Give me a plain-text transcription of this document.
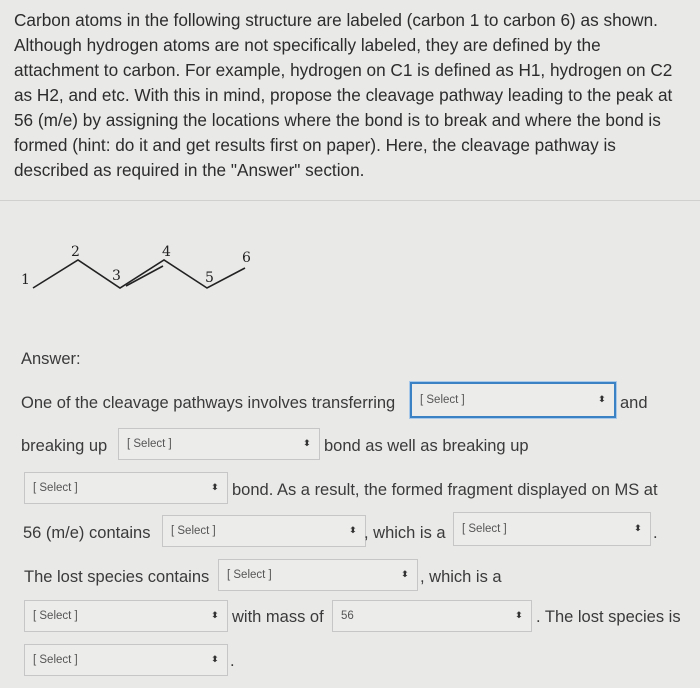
Carbon atoms in the following structure are labeled (carbon 1 to carbon 6) as shown.

Although hydrogen atoms are not specifically labeled, they are defined by the

attachment to carbon. For example, hydrogen on C1 is defined as H1, hydrogen on C2

as H2, and etc. With this in mind, propose the cleavage pathway leading to the peak at

56 (m/e) by assigning the locations where the bond is to break and where the bond is

formed (hint: do it and get results first on paper). Here, the cleavage pathway is

described as required in the "Answer" section.

1
2
3
4
5
6
Answer:
One of the cleavage pathways involves transferring [ Select ]	⬍ and
breaking up [ Select ]	⬍ bond as well as breaking up
[ Select ]	⬍ bond. As a result, the formed fragment displayed on MS at
56 (m/e) contains [ Select ]	⬍ , which is a [ Select ]	⬍ .
The lost species contains [ Select ]	⬍ , which is a
[ Select ]	⬍ with mass of 56	⬍ . The lost species is
[ Select ]	⬍ .
